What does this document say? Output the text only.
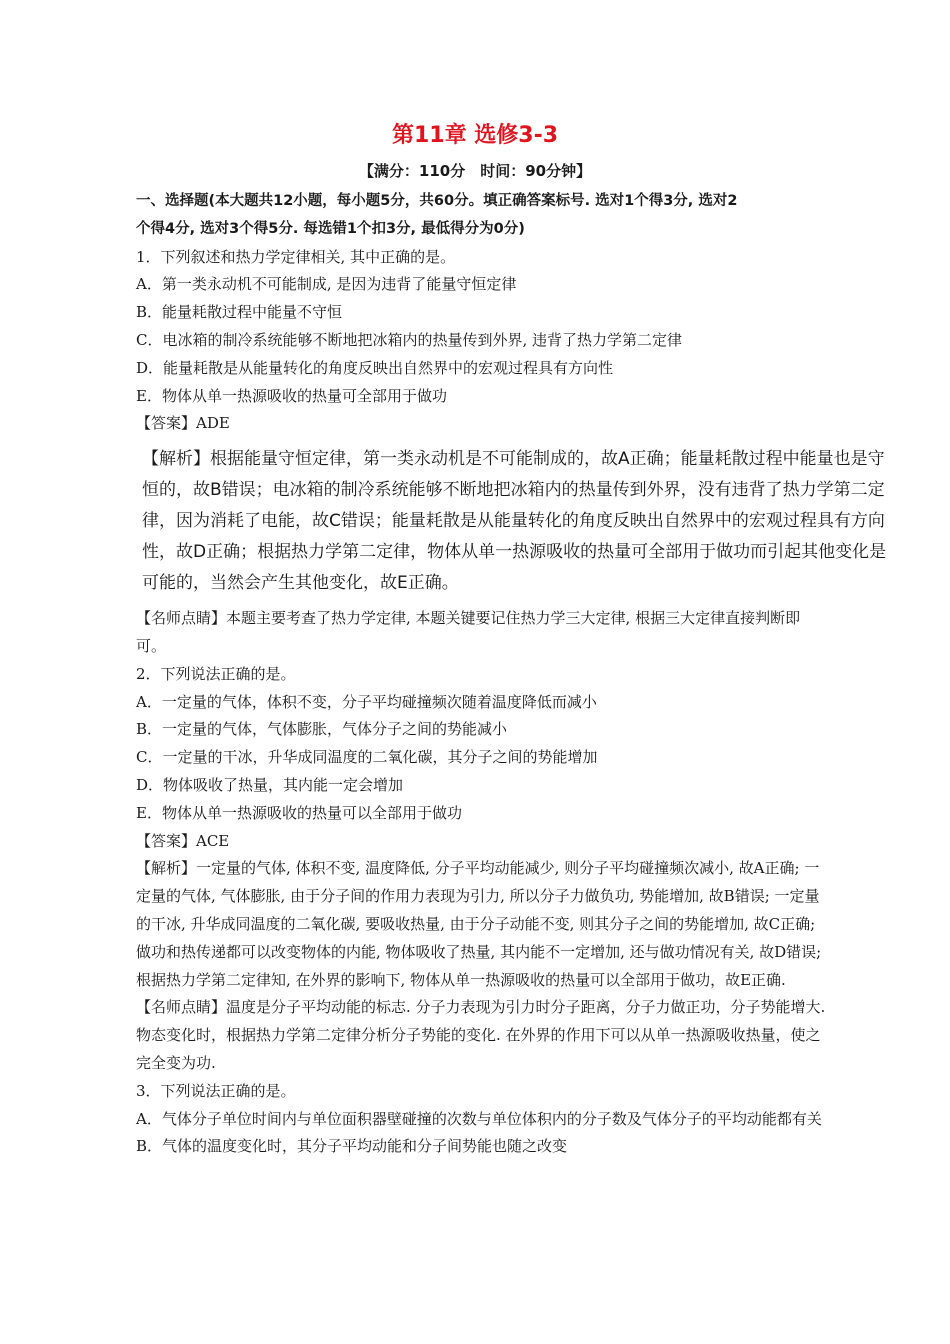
第11章 选修3-3
【满分：110分　时间：90分钟】

一、选择题(本大题共12小题，每小题5分，共60分。填正确答案标号. 选对1个得3分, 选对2

个得4分, 选对3个得5分. 每选错1个扣3分, 最低得分为0分)

1．下列叙述和热力学定律相关, 其中正确的是。

A．第一类永动机不可能制成, 是因为违背了能量守恒定律

B．能量耗散过程中能量不守恒

C．电冰箱的制冷系统能够不断地把冰箱内的热量传到外界, 违背了热力学第二定律

D．能量耗散是从能量转化的角度反映出自然界中的宏观过程具有方向性

E．物体从单一热源吸收的热量可全部用于做功

【答案】ADE

【解析】根据能量守恒定律，第一类永动机是不可能制成的，故A正确；能量耗散过程中能量也是守恒的，故B错误；电冰箱的制冷系统能够不断地把冰箱内的热量传到外界，没有违背了热力学第二定律，因为消耗了电能，故C错误；能量耗散是从能量转化的角度反映出自然界中的宏观过程具有方向性，故D正确；根据热力学第二定律，物体从单一热源吸收的热量可全部用于做功而引起其他变化是可能的，当然会产生其他变化，故E正确。

【名师点睛】本题主要考查了热力学定律, 本题关键要记住热力学三大定律, 根据三大定律直接判断即可。

2．下列说法正确的是。

A．一定量的气体，体积不变，分子平均碰撞频次随着温度降低而减小

B．一定量的气体，气体膨胀，气体分子之间的势能减小

C．一定量的干冰，升华成同温度的二氧化碳，其分子之间的势能增加

D．物体吸收了热量，其内能一定会增加

E．物体从单一热源吸收的热量可以全部用于做功

【答案】ACE

【解析】一定量的气体, 体积不变, 温度降低, 分子平均动能减少, 则分子平均碰撞频次减小, 故A正确; 一定量的气体, 气体膨胀, 由于分子间的作用力表现为引力, 所以分子力做负功, 势能增加, 故B错误; 一定量的干冰, 升华成同温度的二氧化碳, 要吸收热量, 由于分子动能不变, 则其分子之间的势能增加, 故C正确; 做功和热传递都可以改变物体的内能, 物体吸收了热量, 其内能不一定增加, 还与做功情况有关, 故D错误; 根据热力学第二定律知, 在外界的影响下, 物体从单一热源吸收的热量可以全部用于做功，故E正确.

【名师点睛】温度是分子平均动能的标志. 分子力表现为引力时分子距离，分子力做正功，分子势能增大. 物态变化时，根据热力学第二定律分析分子势能的变化. 在外界的作用下可以从单一热源吸收热量，使之完全变为功.

3．下列说法正确的是。

A．气体分子单位时间内与单位面积器壁碰撞的次数与单位体积内的分子数及气体分子的平均动能都有关

B．气体的温度变化时，其分子平均动能和分子间势能也随之改变
